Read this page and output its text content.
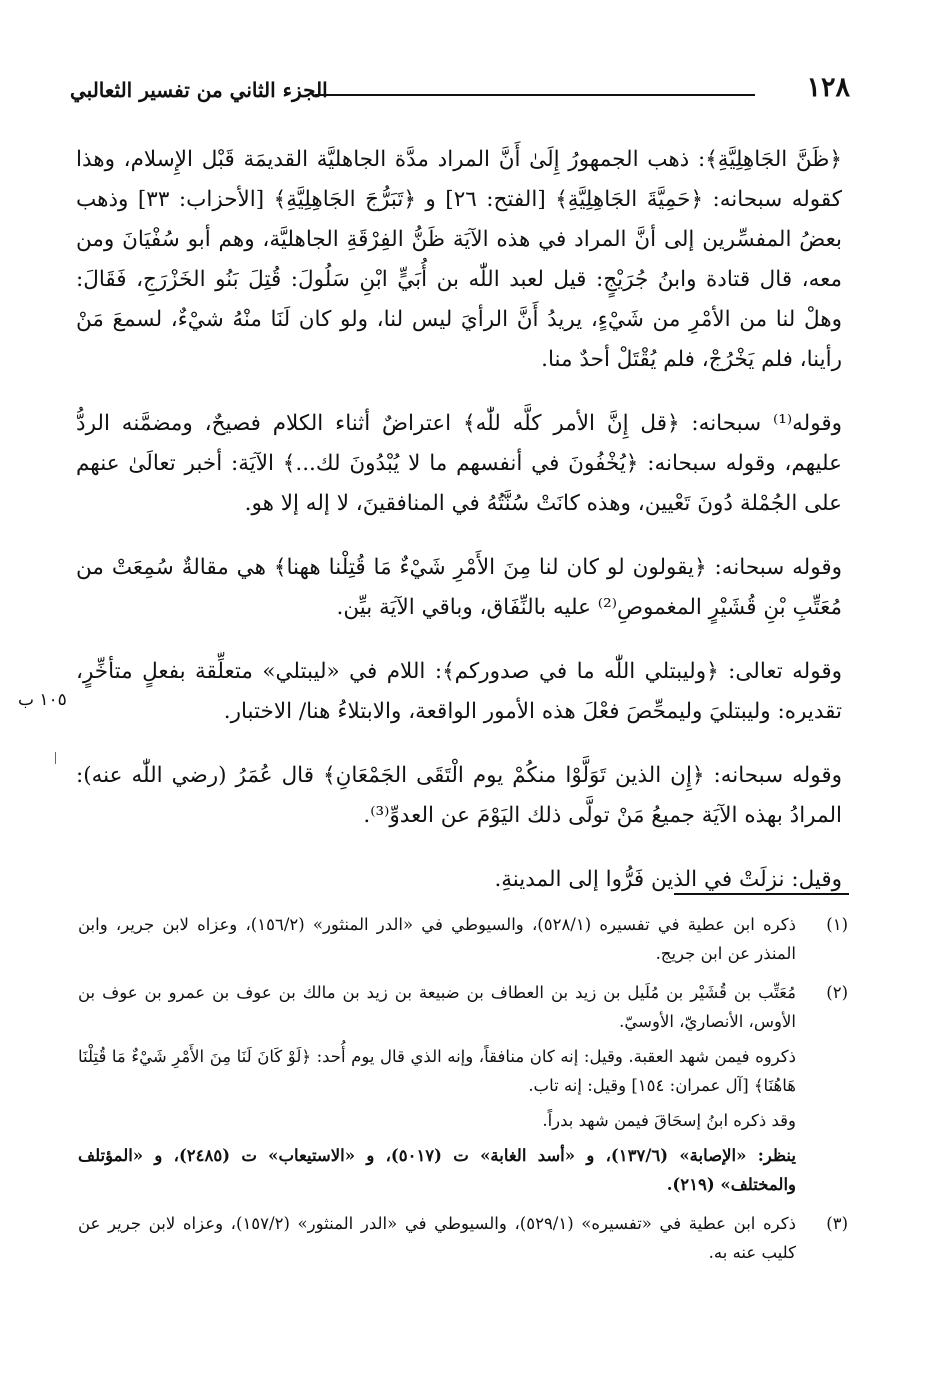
١٢٨
الجزء الثاني من تفسير الثعالبي

﴿ظَنَّ الجَاهِلِيَّةِ﴾: ذهب الجمهورُ إِلَىٰ أَنَّ المراد مدَّة الجاهليَّة القديمَة قَبْل الإِسلام، وهذا كقوله سبحانه: ﴿حَمِيَّةَ الجَاهِلِيَّةِ﴾ [الفتح: ٢٦] و ﴿تَبَرُّجَ الجَاهِلِيَّةِ﴾ [الأحزاب: ٣٣] وذهب بعضُ المفسِّرين إلى أنَّ المراد في هذه الآيَة ظَنُّ الفِرْقَةِ الجاهليَّة، وهم أبو سُفْيَانَ ومن معه، قال قتادة وابنُ جُرَيْجٍ: قيل لعبد اللّٰه بن أُبَيٍّ ابْنِ سَلُولَ: قُتِلَ بَنُو الخَزْرَجِ، فَقَالَ: وهلْ لنا من الأمْرِ من شَيْءٍ، يريدُ أَنَّ الرأيَ ليس لنا، ولو كان لَنَا منْهُ شيْءٌ، لسمعَ مَنْ رأينا، فلم يَخْرُجْ، فلم يُقْتَلْ أحدٌ منا.

وقوله⁽¹⁾ سبحانه: ﴿قل إِنَّ الأمر كلَّه للّٰه﴾ اعتراضٌ أثناء الكلام فصيحٌ، ومضمَّنه الردُّ عليهم، وقوله سبحانه: ﴿يُخْفُونَ في أنفسهم ما لا يُبْدُونَ لك...﴾ الآيَة: أخبر تعالَىٰ عنهم على الجُمْلة دُونَ تَعْيين، وهذه كانَتْ سُنَّتُهُ في المنافقينَ، لا إله إلا هو.

وقوله سبحانه: ﴿يقولون لو كان لنا مِنَ الأَمْرِ شَيْءٌ مَا قُتِلْنا ههنا﴾ هي مقالةٌ سُمِعَتْ من مُعَتِّبِ بْنِ قُشَيْرٍ المغموصِ⁽²⁾ عليه بالنِّفَاق، وباقي الآيَة بيِّن.

وقوله تعالى: ﴿وليبتلي اللّٰه ما في صدوركم﴾: اللام في «ليبتلي» متعلِّقة بفعلٍ متأخِّرٍ، تقديره: وليبتليَ وليمحِّصَ فعْلَ هذه الأمور الواقعة، والابتلاءُ هنا/ الاختبار.

وقوله سبحانه: ﴿إِن الذين تَوَلَّوْا منكُمْ يوم الْتَقَى الجَمْعَانِ﴾ قال عُمَرُ (رضي اللّٰه عنه): المرادُ بهذه الآيَة جميعُ مَنْ تولَّى ذلك اليَوْمَ عن العدوِّ⁽³⁾.

وقيل: نزلَتْ في الذين فَرُّوا إلى المدينةِ.

١٠٥ ب
(١)

ذكره ابن عطية في تفسيره (٥٢٨/١)، والسيوطي في «الدر المنثور» (١٥٦/٢)، وعزاه لابن جرير، وابن المنذر عن ابن جريج.

(٢)

مُعَتِّب بن قُشَيْر بن مُلَيل بن زيد بن العطاف بن ضبيعة بن زيد بن مالك بن عوف بن عمرو بن عوف بن الأوس، الأنصاريّ، الأوسيّ.

ذكروه فيمن شهد العقبة. وقيل: إنه كان منافقاً، وإنه الذي قال يوم أُحد: ﴿لَوْ كَانَ لَنَا مِنَ الأَمْرِ شَيْءٌ مَا قُتِلْنَا هَاهُنَا﴾ [آل عمران: ١٥٤] وقيل: إنه تاب.

وقد ذكره ابنُ إسحَاقَ فيمن شهد بدراً.

ينظر: «الإصابة» (١٣٧/٦)، و «أسد الغابة» ت (٥٠١٧)، و «الاستيعاب» ت (٢٤٨٥)، و «المؤتلف والمختلف» (٢١٩).

(٣)

ذكره ابن عطية في «تفسيره» (٥٢٩/١)، والسيوطي في «الدر المنثور» (١٥٧/٢)، وعزاه لابن جرير عن كليب عنه به.
